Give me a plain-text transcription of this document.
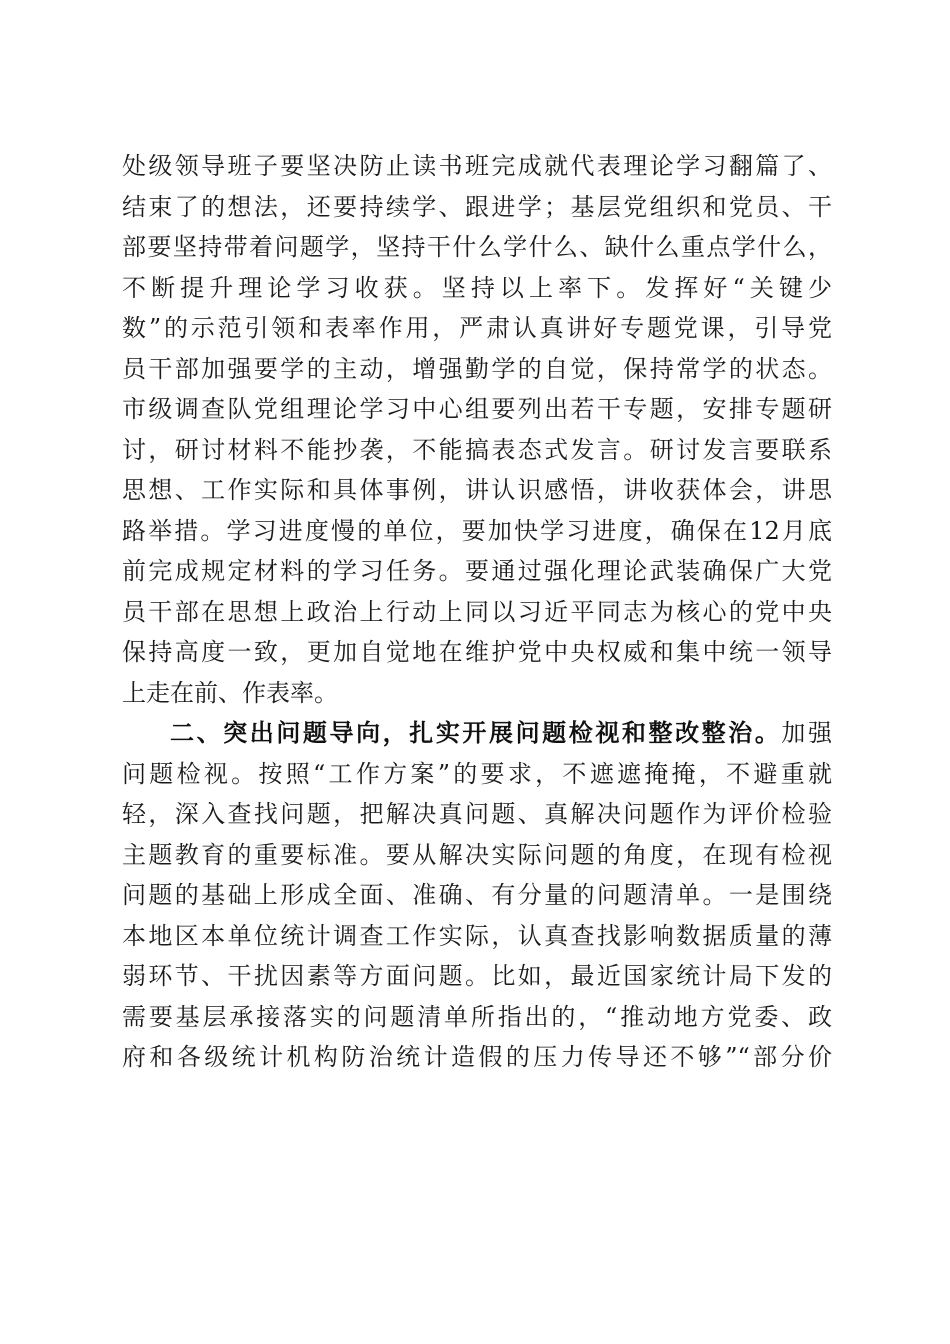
处级领导班子要坚决防止读书班完成就代表理论学习翻篇了、
结束了的想法，还要持续学、跟进学；基层党组织和党员、干
部要坚持带着问题学，坚持干什么学什么、缺什么重点学什么，
不断提升理论学习收获。坚持以上率下。发挥好“关键少
数”的示范引领和表率作用，严肃认真讲好专题党课，引导党
员干部加强要学的主动，增强勤学的自觉，保持常学的状态。
市级调查队党组理论学习中心组要列出若干专题，安排专题研
讨，研讨材料不能抄袭，不能搞表态式发言。研讨发言要联系
思想、工作实际和具体事例，讲认识感悟，讲收获体会，讲思
路举措。学习进度慢的单位，要加快学习进度，确保在12月底
前完成规定材料的学习任务。要通过强化理论武装确保广大党
员干部在思想上政治上行动上同以习近平同志为核心的党中央
保持高度一致，更加自觉地在维护党中央权威和集中统一领导
上走在前、作表率。
二、突出问题导向，扎实开展问题检视和整改整治。加强
问题检视。按照“工作方案”的要求，不遮遮掩掩，不避重就
轻，深入查找问题，把解决真问题、真解决问题作为评价检验
主题教育的重要标准。要从解决实际问题的角度，在现有检视
问题的基础上形成全面、准确、有分量的问题清单。一是围绕
本地区本单位统计调查工作实际，认真查找影响数据质量的薄
弱环节、干扰因素等方面问题。比如，最近国家统计局下发的
需要基层承接落实的问题清单所指出的，“推动地方党委、政
府和各级统计机构防治统计造假的压力传导还不够”“部分价
